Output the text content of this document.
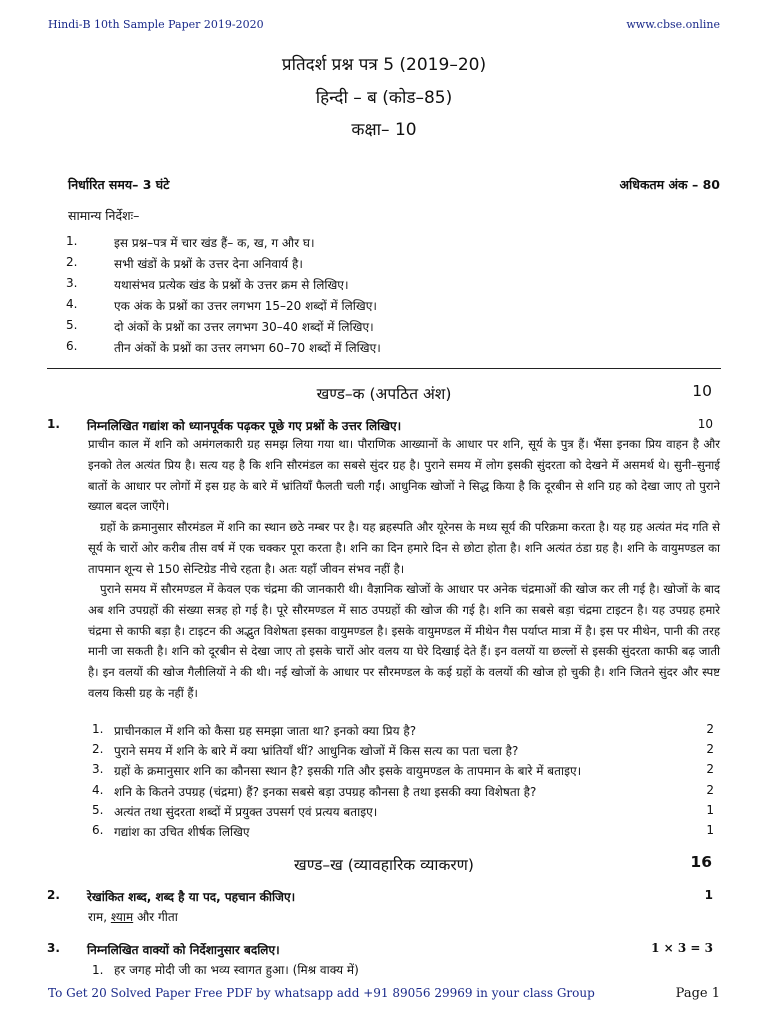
Hindi-B 10th Sample Paper 2019-2020	www.cbse.online
प्रतिदर्श प्रश्न पत्र 5 (2019–20)
हिन्दी – ब (कोड–85)
कक्षा– 10
निर्धारित समय– 3 घंटे	अधिकतम अंक – 80
सामान्य निर्देशः–
1.	इस प्रश्न–पत्र में चार खंड हैं– क, ख, ग और घ।
2.	सभी खंडों के प्रश्नों के उत्तर देना अनिवार्य है।
3.	यथासंभव प्रत्येक खंड के प्रश्नों के उत्तर क्रम से लिखिए।
4.	एक अंक के प्रश्नों का उत्तर लगभग 15–20 शब्दों में लिखिए।
5.	दो अंकों के प्रश्नों का उत्तर लगभग 30–40 शब्दों में लिखिए।
6.	तीन अंकों के प्रश्नों का उत्तर लगभग 60–70 शब्दों में लिखिए।
खण्ड–क (अपठित अंश)	10
1. निम्नलिखित गद्यांश को ध्यानपूर्वक पढ़कर पूछे गए प्रश्नों के उत्तर लिखिए।	10

प्राचीन काल में शनि को अमंगलकारी ग्रह समझ लिया गया था। पौराणिक आख्यानों के आधार पर शनि, सूर्य के पुत्र हैं। भैंसा इनका प्रिय वाहन है और इनको तेल अत्यंत प्रिय है। सत्य यह है कि शनि सौरमंडल का सबसे सुंदर ग्रह है। पुराने समय में लोग इसकी सुंदरता को देखने में असमर्थ थे। सुनी–सुनाई बातों के आधार पर लोगों में इस ग्रह के बारे में भ्रांतियाँ फैलती चली गईं। आधुनिक खोजों ने सिद्ध किया है कि दूरबीन से शनि ग्रह को देखा जाए तो पुराने ख्याल बदल जाएँगे।

ग्रहों के क्रमानुसार सौरमंडल में शनि का स्थान छठे नम्बर पर है। यह ब्रहस्पति और यूरेनस के मध्य सूर्य की परिक्रमा करता है। यह ग्रह अत्यंत मंद गति से सूर्य के चारों ओर करीब तीस वर्ष में एक चक्कर पूरा करता है। शनि का दिन हमारे दिन से छोटा होता है। शनि अत्यंत ठंडा ग्रह है। शनि के वायुमण्डल का तापमान शून्य से 150 सेन्टिग्रेड नीचे रहता है। अतः यहाँ जीवन संभव नहीं है।

पुराने समय में सौरमण्डल में केवल एक चंद्रमा की जानकारी थी। वैज्ञानिक खोजों के आधार पर अनेक चंद्रमाओं की खोज कर ली गई है। खोजों के बाद अब शनि उपग्रहों की संख्या सत्रह हो गई है। पूरे सौरमण्डल में साठ उपग्रहों की खोज की गई है। शनि का सबसे बड़ा चंद्रमा टाइटन है। यह उपग्रह हमारे चंद्रमा से काफी बड़ा है। टाइटन की अद्भुत विशेषता इसका वायुमण्डल है। इसके वायुमण्डल में मीथेन गैस पर्याप्त मात्रा में है। इस पर मीथेन, पानी की तरह मानी जा सकती है। शनि को दूरबीन से देखा जाए तो इसके चारों ओर वलय या घेरे दिखाई देते हैं। इन वलयों या छल्लों से इसकी सुंदरता काफी बढ़ जाती है। इन वलयों की खोज गैलीलियों ने की थी। नई खोजों के आधार पर सौरमण्डल के कई ग्रहों के वलयों की खोज हो चुकी है। शनि जितने सुंदर और स्पष्ट वलय किसी ग्रह के नहीं हैं।

1. प्राचीनकाल में शनि को कैसा ग्रह समझा जाता था? इनको क्या प्रिय है?	2
2. पुराने समय में शनि के बारे में क्या भ्रांतियाँ थीं? आधुनिक खोजों में किस सत्य का पता चला है?	2
3. ग्रहों के क्रमानुसार शनि का कौनसा स्थान है? इसकी गति और इसके वायुमण्डल के तापमान के बारे में बताइए।	2
4. शनि के कितने उपग्रह (चंद्रमा) हैं? इनका सबसे बड़ा उपग्रह कौनसा है तथा इसकी क्या विशेषता है?	2
5. अत्यंत तथा सुंदरता शब्दों में प्रयुक्त उपसर्ग एवं प्रत्यय बताइए।	1
6. गद्यांश का उचित शीर्षक लिखिए	1
खण्ड–ख (व्यावहारिक व्याकरण)	16
2. रेखांकित शब्द, शब्द है या पद, पहचान कीजिए।	1
राम, श्याम और गीता
3. निम्नलिखित वाक्यों को निर्देशानुसार बदलिए।	1 × 3 = 3
1. हर जगह मोदी जी का भव्य स्वागत हुआ। (मिश्र वाक्य में)
To Get 20 Solved Paper Free PDF by whatsapp add +91 89056 29969 in your class Group	Page 1
